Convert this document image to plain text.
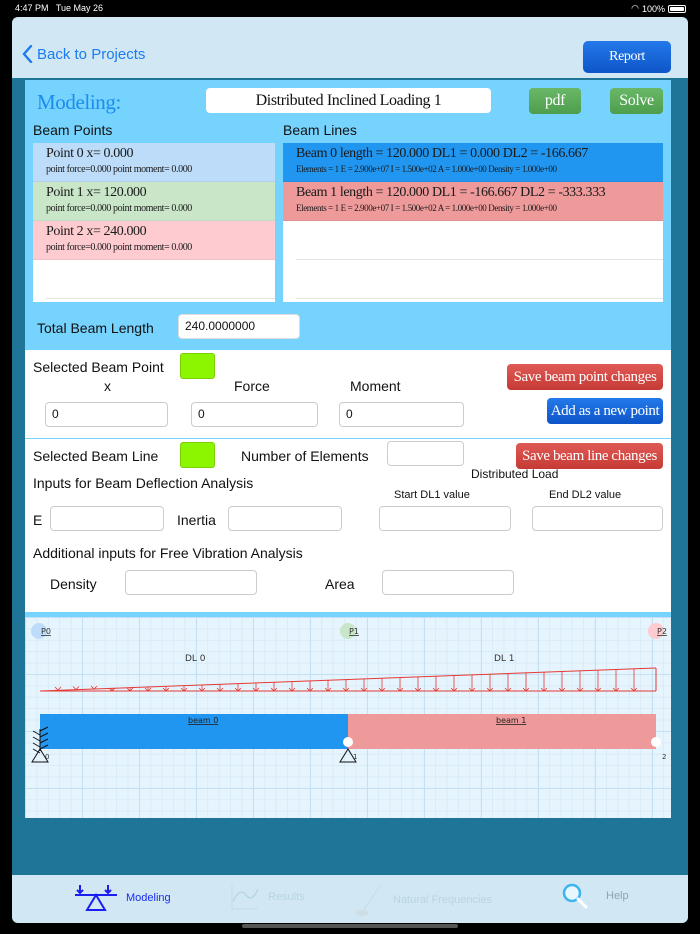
4:47 PM Tue May 26	◠ 100%
Back to Projects	Report
Modeling:	Distributed Inclined Loading 1	pdf	Solve
Beam Points
Point 0 x= 0.000
point force=0.000 point moment= 0.000
Point 1 x= 120.000
point force=0.000 point moment= 0.000
Point 2 x= 240.000
point force=0.000 point moment= 0.000
Beam Lines
Beam 0 length = 120.000 DL1 = 0.000 DL2 = -166.667
Elements = 1 E = 2.900e+07 I = 1.500e+02 A = 1.000e+00 Density = 1.000e+00
Beam 1 length = 120.000 DL1 = -166.667 DL2 = -333.333
Elements = 1 E = 2.900e+07 I = 1.500e+02 A = 1.000e+00 Density = 1.000e+00
Total Beam Length	240.0000000
Selected Beam Point
x	Force	Moment
0	0	0
Save beam point changes
Add as a new point
Selected Beam Line	Number of Elements	Save beam line changes
Inputs for Beam Deflection Analysis
Distributed Load
Start DL1 value	End DL2 value
E	Inertia
Additional inputs for Free Vibration Analysis
Density	Area
P0	P1	P2
DL 0	DL 1
beam 0	beam 1
0	1	2
Modeling	Results	Natural Frequencies	Help
